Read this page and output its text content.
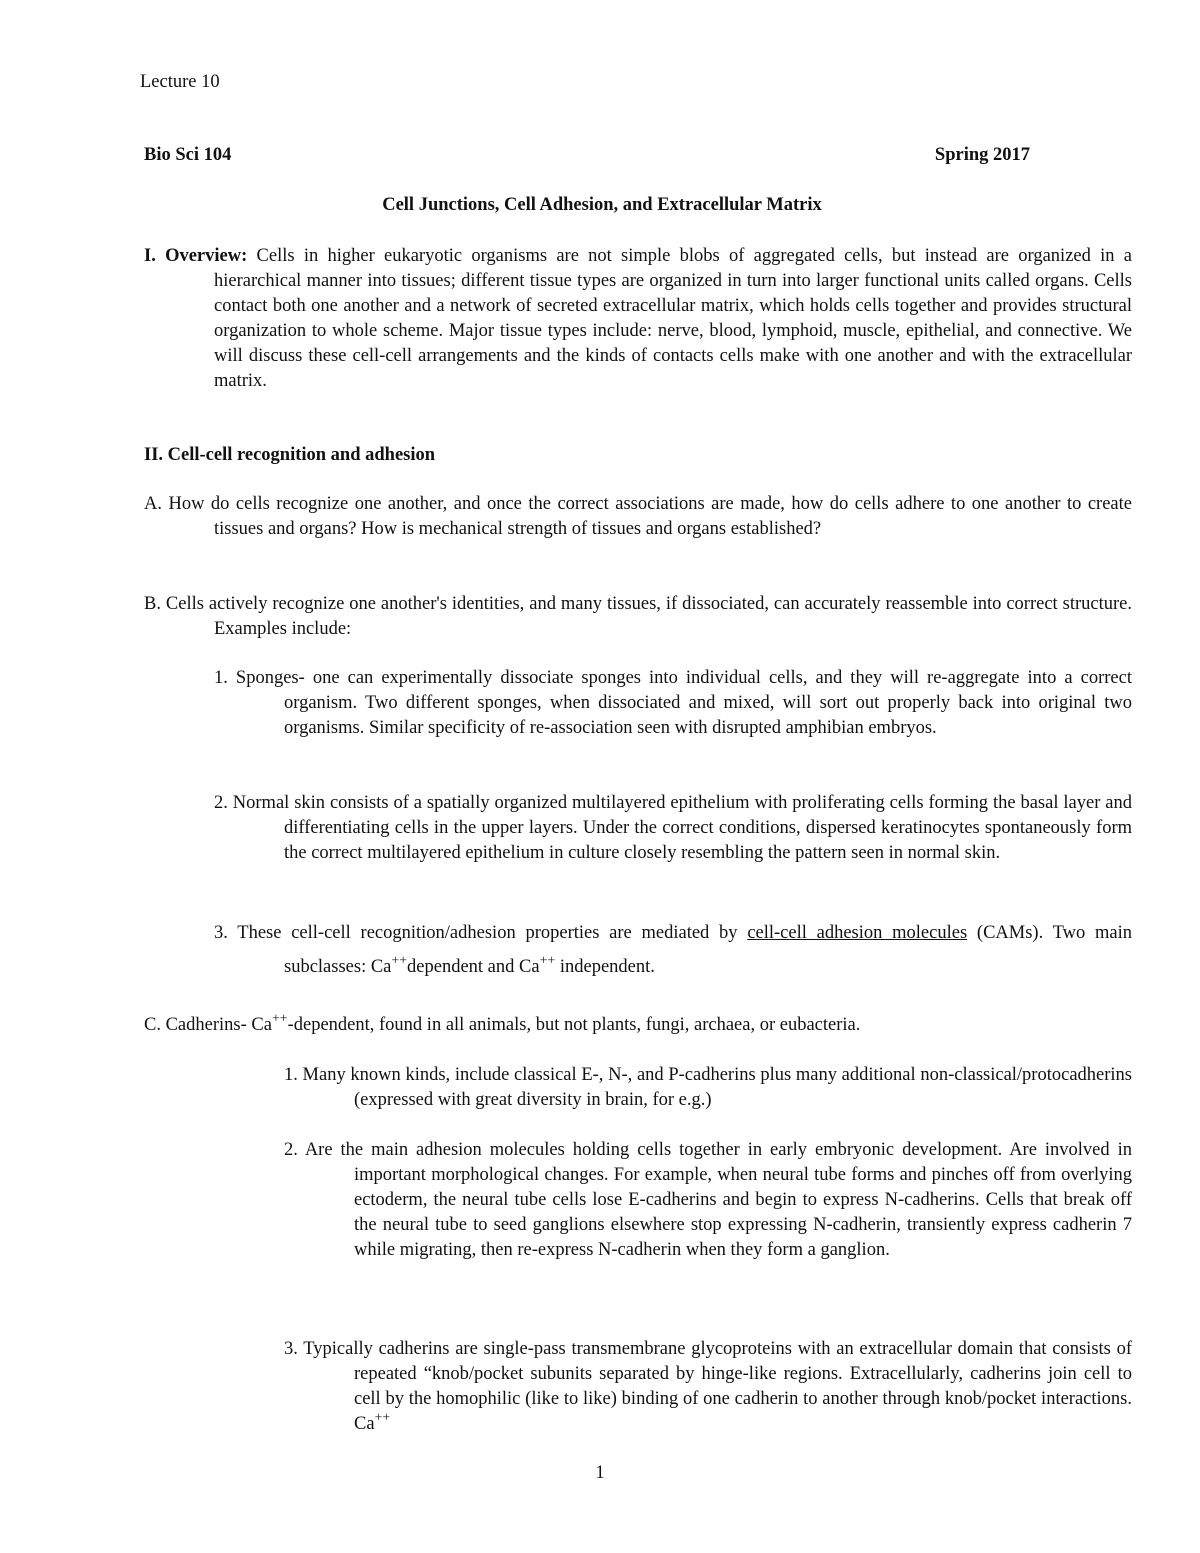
Lecture 10
Bio Sci 104	Spring 2017
Cell Junctions, Cell Adhesion, and Extracellular Matrix

I. Overview: Cells in higher eukaryotic organisms are not simple blobs of aggregated cells, but instead are organized in a hierarchical manner into tissues; different tissue types are organized in turn into larger functional units called organs. Cells contact both one another and a network of secreted extracellular matrix, which holds cells together and provides structural organization to whole scheme. Major tissue types include: nerve, blood, lymphoid, muscle, epithelial, and connective. We will discuss these cell-cell arrangements and the kinds of contacts cells make with one another and with the extracellular matrix.

II. Cell-cell recognition and adhesion

A. How do cells recognize one another, and once the correct associations are made, how do cells adhere to one another to create tissues and organs? How is mechanical strength of tissues and organs established?

B. Cells actively recognize one another's identities, and many tissues, if dissociated, can accurately reassemble into correct structure. Examples include:

1. Sponges- one can experimentally dissociate sponges into individual cells, and they will re-aggregate into a correct organism. Two different sponges, when dissociated and mixed, will sort out properly back into original two organisms. Similar specificity of re-association seen with disrupted amphibian embryos.

2. Normal skin consists of a spatially organized multilayered epithelium with proliferating cells forming the basal layer and differentiating cells in the upper layers. Under the correct conditions, dispersed keratinocytes spontaneously form the correct multilayered epithelium in culture closely resembling the pattern seen in normal skin.

3. These cell-cell recognition/adhesion properties are mediated by cell-cell adhesion molecules (CAMs). Two main subclasses: Ca++dependent and Ca++ independent.

C. Cadherins- Ca++-dependent, found in all animals, but not plants, fungi, archaea, or eubacteria.

1. Many known kinds, include classical E-, N-, and P-cadherins plus many additional non-classical/protocadherins (expressed with great diversity in brain, for e.g.)

2. Are the main adhesion molecules holding cells together in early embryonic development. Are involved in important morphological changes. For example, when neural tube forms and pinches off from overlying ectoderm, the neural tube cells lose E-cadherins and begin to express N-cadherins. Cells that break off the neural tube to seed ganglions elsewhere stop expressing N-cadherin, transiently express cadherin 7 while migrating, then re-express N-cadherin when they form a ganglion.

3. Typically cadherins are single-pass transmembrane glycoproteins with an extracellular domain that consists of repeated “knob/pocket subunits separated by hinge-like regions. Extracellularly, cadherins join cell to cell by the homophilic (like to like) binding of one cadherin to another through knob/pocket interactions. Ca++

1
